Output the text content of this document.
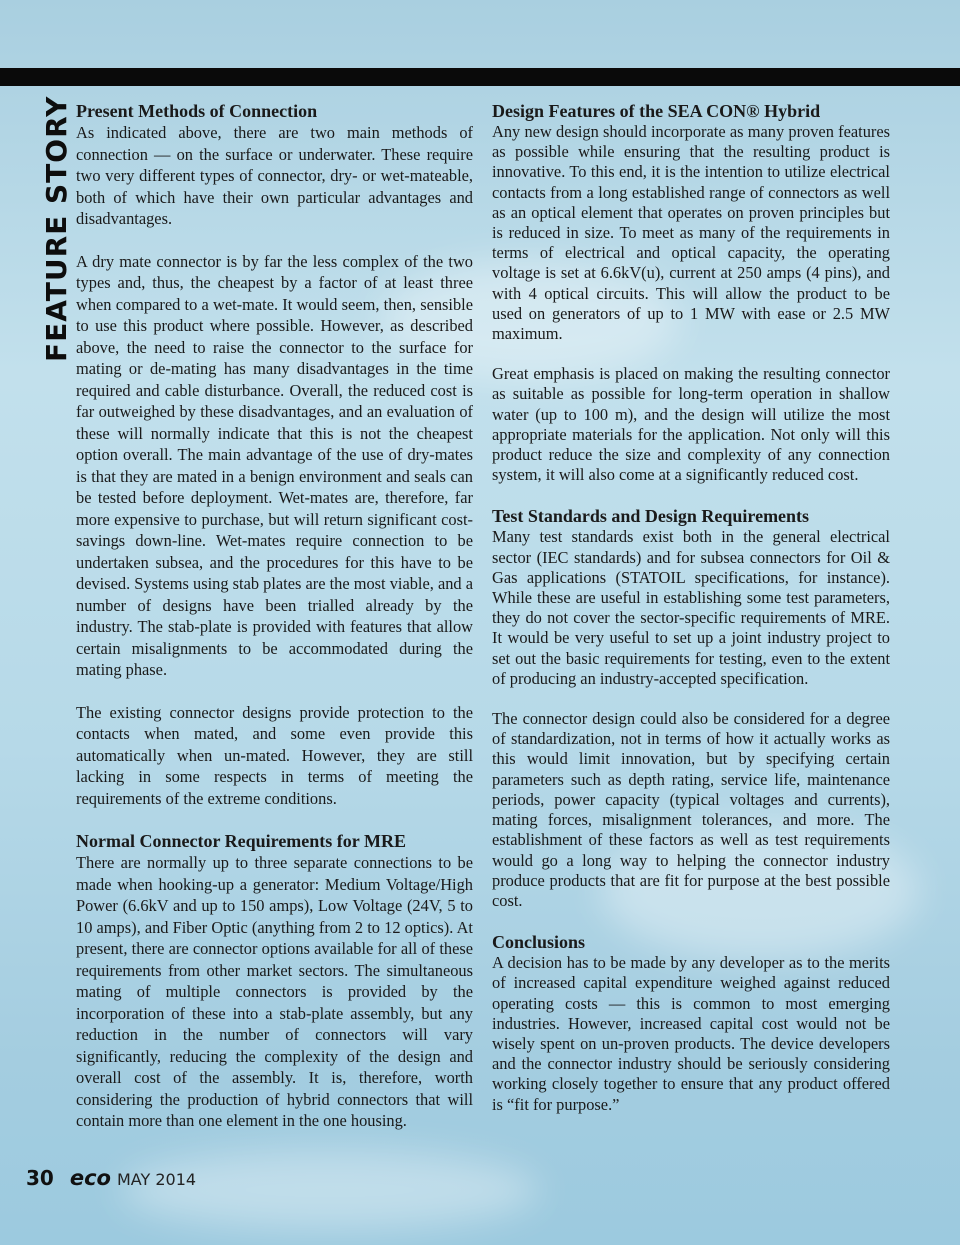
FEATURE STORY Present Methods of Connection

As indicated above, there are two main methods of connection — on the surface or underwater. These require two very different types of connector, dry- or wet-mateable, both of which have their own particular advantages and disadvantages.

A dry mate connector is by far the less complex of the two types and, thus, the cheapest by a factor of at least three when compared to a wet-mate. It would seem, then, sensible to use this product where possible. However, as described above, the need to raise the connector to the surface for mating or de-mating has many disadvantages in the time required and cable disturbance. Overall, the reduced cost is far outweighed by these disadvantages, and an evaluation of these will normally indicate that this is not the cheapest option overall. The main advantage of the use of dry-mates is that they are mated in a benign environment and seals can be tested before deployment. Wet-mates are, therefore, far more expensive to purchase, but will return significant cost-savings down-line. Wet-mates require connection to be undertaken subsea, and the procedures for this have to be devised. Systems using stab plates are the most viable, and a number of designs have been trialled already by the industry. The stab-plate is provided with features that allow certain misalignments to be accommodated during the mating phase.

The existing connector designs provide protection to the contacts when mated, and some even provide this automatically when un-mated. However, they are still lacking in some respects in terms of meeting the requirements of the extreme conditions.

Normal Connector Requirements for MRE

There are normally up to three separate connections to be made when hooking-up a generator: Medium Voltage/High Power (6.6kV and up to 150 amps), Low Voltage (24V, 5 to 10 amps), and Fiber Optic (anything from 2 to 12 optics). At present, there are connector options available for all of these requirements from other market sectors. The simultaneous mating of multiple connectors is provided by the incorporation of these into a stab-plate assembly, but any reduction in the number of connectors will vary significantly, reducing the complexity of the design and overall cost of the assembly. It is, therefore, worth considering the production of hybrid connectors that will contain more than one element in the one housing.

Design Features of the SEA CON® Hybrid

Any new design should incorporate as many proven features as possible while ensuring that the resulting product is innovative. To this end, it is the intention to utilize electrical contacts from a long established range of connectors as well as an optical element that operates on proven principles but is reduced in size. To meet as many of the requirements in terms of electrical and optical capacity, the operating voltage is set at 6.6kV(u), current at 250 amps (4 pins), and with 4 optical circuits. This will allow the product to be used on generators of up to 1 MW with ease or 2.5 MW maximum.

Great emphasis is placed on making the resulting connector as suitable as possible for long-term operation in shallow water (up to 100 m), and the design will utilize the most appropriate materials for the application. Not only will this product reduce the size and complexity of any connection system, it will also come at a significantly reduced cost.

Test Standards and Design Requirements

Many test standards exist both in the general electrical sector (IEC standards) and for subsea connectors for Oil & Gas applications (STATOIL specifications, for instance). While these are useful in establishing some test parameters, they do not cover the sector-specific requirements of MRE. It would be very useful to set up a joint industry project to set out the basic requirements for testing, even to the extent of producing an industry-accepted specification.

The connector design could also be considered for a degree of standardization, not in terms of how it actually works as this would limit innovation, but by specifying certain parameters such as depth rating, service life, maintenance periods, power capacity (typical voltages and currents), mating forces, misalignment tolerances, and more. The establishment of these factors as well as test requirements would go a long way to helping the connector industry produce products that are fit for purpose at the best possible cost.

Conclusions

A decision has to be made by any developer as to the merits of increased capital expenditure weighed against reduced operating costs — this is common to most emerging industries. However, increased capital cost would not be wisely spent on un-proven products. The device developers and the connector industry should be seriously considering working closely together to ensure that any product offered is “fit for purpose.”

30 eco MAY 2014
